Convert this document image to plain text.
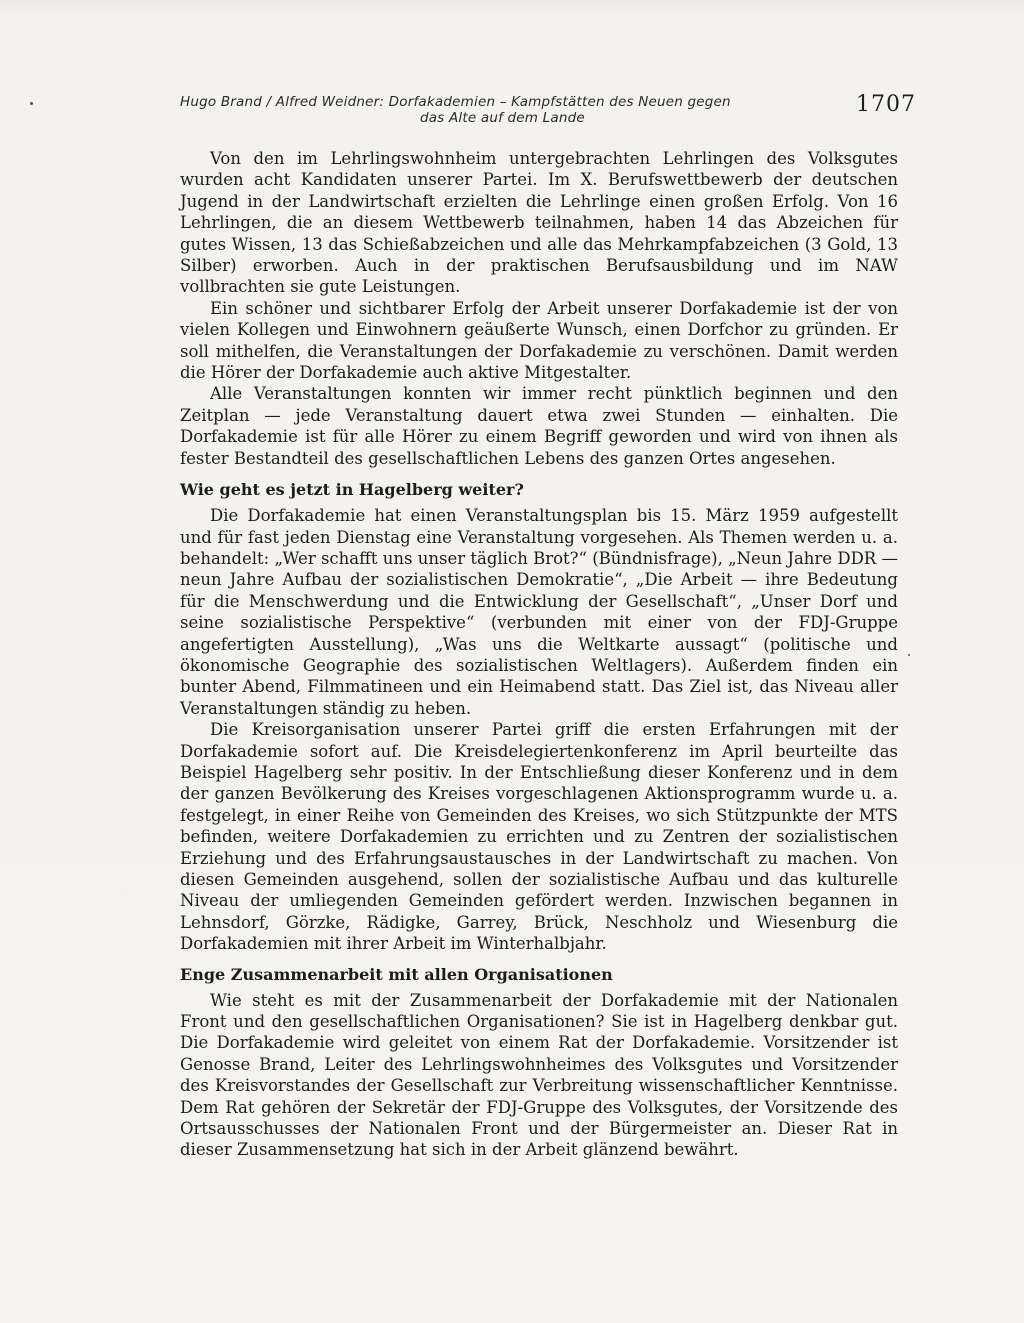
Hugo Brand / Alfred Weidner: Dorfakademien – Kampfstätten des Neuen gegen
das Alte auf dem Lande
1707

Von den im Lehrlingswohnheim untergebrachten Lehrlingen des Volksgutes wurden acht Kandidaten unserer Partei. Im X. Berufswettbewerb der deutschen Jugend in der Landwirtschaft erzielten die Lehrlinge einen großen Erfolg. Von 16 Lehrlingen, die an diesem Wettbewerb teilnahmen, haben 14 das Abzeichen für gutes Wissen, 13 das Schießabzeichen und alle das Mehrkampfabzeichen (3 Gold, 13 Silber) erworben. Auch in der praktischen Berufsausbildung und im NAW vollbrachten sie gute Leistungen.

Ein schöner und sichtbarer Erfolg der Arbeit unserer Dorfakademie ist der von vielen Kollegen und Einwohnern geäußerte Wunsch, einen Dorfchor zu gründen. Er soll mithelfen, die Veranstaltungen der Dorfakademie zu verschönen. Damit werden die Hörer der Dorfakademie auch aktive Mitgestalter.

Alle Veranstaltungen konnten wir immer recht pünktlich beginnen und den Zeitplan — jede Veranstaltung dauert etwa zwei Stunden — einhalten. Die Dorfakademie ist für alle Hörer zu einem Begriff geworden und wird von ihnen als fester Bestandteil des gesellschaftlichen Lebens des ganzen Ortes angesehen.

Wie geht es jetzt in Hagelberg weiter?

Die Dorfakademie hat einen Veranstaltungsplan bis 15. März 1959 aufgestellt und für fast jeden Dienstag eine Veranstaltung vorgesehen. Als Themen werden u. a. behandelt: „Wer schafft uns unser täglich Brot?“ (Bündnisfrage), „Neun Jahre DDR — neun Jahre Aufbau der sozialistischen Demokratie“, „Die Arbeit — ihre Bedeutung für die Menschwerdung und die Entwicklung der Gesellschaft“, „Unser Dorf und seine sozialistische Perspektive“ (verbunden mit einer von der FDJ-Gruppe angefertigten Ausstellung), „Was uns die Weltkarte aussagt“ (politische und ökonomische Geographie des sozialistischen Weltlagers). Außerdem finden ein bunter Abend, Filmmatineen und ein Heimabend statt. Das Ziel ist, das Niveau aller Veranstaltungen ständig zu heben.

Die Kreisorganisation unserer Partei griff die ersten Erfahrungen mit der Dorfakademie sofort auf. Die Kreisdelegiertenkonferenz im April beurteilte das Beispiel Hagelberg sehr positiv. In der Entschließung dieser Konferenz und in dem der ganzen Bevölkerung des Kreises vorgeschlagenen Aktionsprogramm wurde u. a. festgelegt, in einer Reihe von Gemeinden des Kreises, wo sich Stützpunkte der MTS befinden, weitere Dorfakademien zu errichten und zu Zentren der sozialistischen Erziehung und des Erfahrungsaustausches in der Landwirtschaft zu machen. Von diesen Gemeinden ausgehend, sollen der sozialistische Aufbau und das kulturelle Niveau der umliegenden Gemeinden gefördert werden. Inzwischen begannen in Lehnsdorf, Görzke, Rädigke, Garrey, Brück, Neschholz und Wiesenburg die Dorfakademien mit ihrer Arbeit im Winterhalbjahr.

Enge Zusammenarbeit mit allen Organisationen

Wie steht es mit der Zusammenarbeit der Dorfakademie mit der Nationalen Front und den gesellschaftlichen Organisationen? Sie ist in Hagelberg denkbar gut. Die Dorfakademie wird geleitet von einem Rat der Dorfakademie. Vorsitzender ist Genosse Brand, Leiter des Lehrlingswohnheimes des Volksgutes und Vorsitzender des Kreisvorstandes der Gesellschaft zur Verbreitung wissenschaftlicher Kenntnisse. Dem Rat gehören der Sekretär der FDJ-Gruppe des Volksgutes, der Vorsitzende des Ortsausschusses der Nationalen Front und der Bürgermeister an. Dieser Rat in dieser Zusammensetzung hat sich in der Arbeit glänzend bewährt.
